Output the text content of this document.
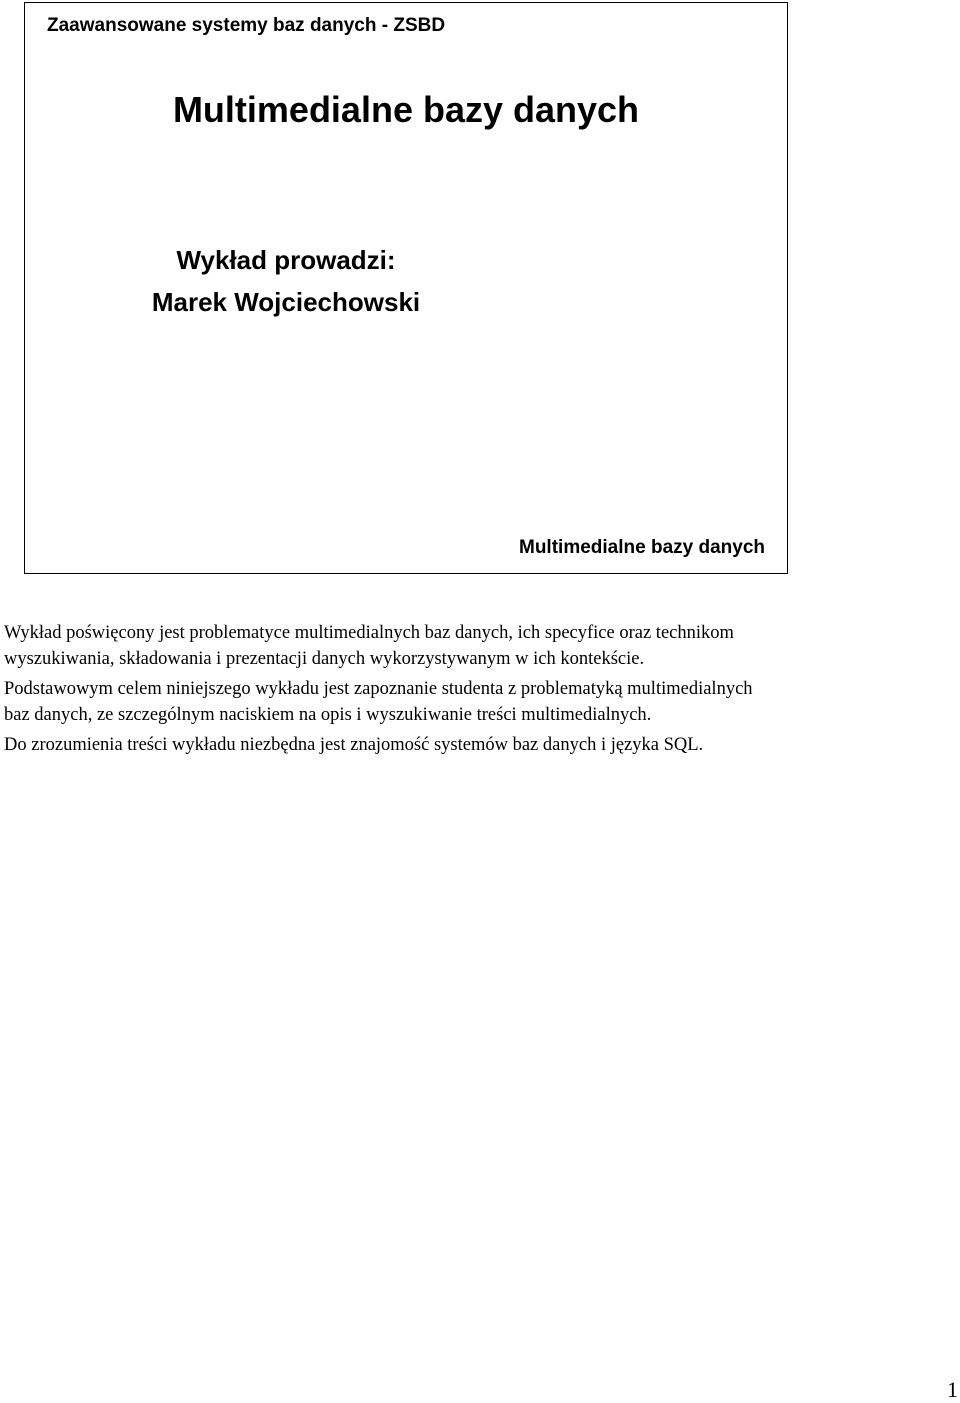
Zaawansowane systemy baz danych - ZSBD
Multimedialne bazy danych
Wykład prowadzi:
Marek Wojciechowski
Multimedialne bazy danych

Wykład poświęcony jest problematyce multimedialnych baz danych, ich specyfice oraz technikom wyszukiwania, składowania i prezentacji danych wykorzystywanym w ich kontekście.

Podstawowym celem niniejszego wykładu jest zapoznanie studenta z problematyką multimedialnych baz danych, ze szczególnym naciskiem na opis i wyszukiwanie treści multimedialnych.

Do zrozumienia treści wykładu niezbędna jest znajomość systemów baz danych i języka SQL.

1
